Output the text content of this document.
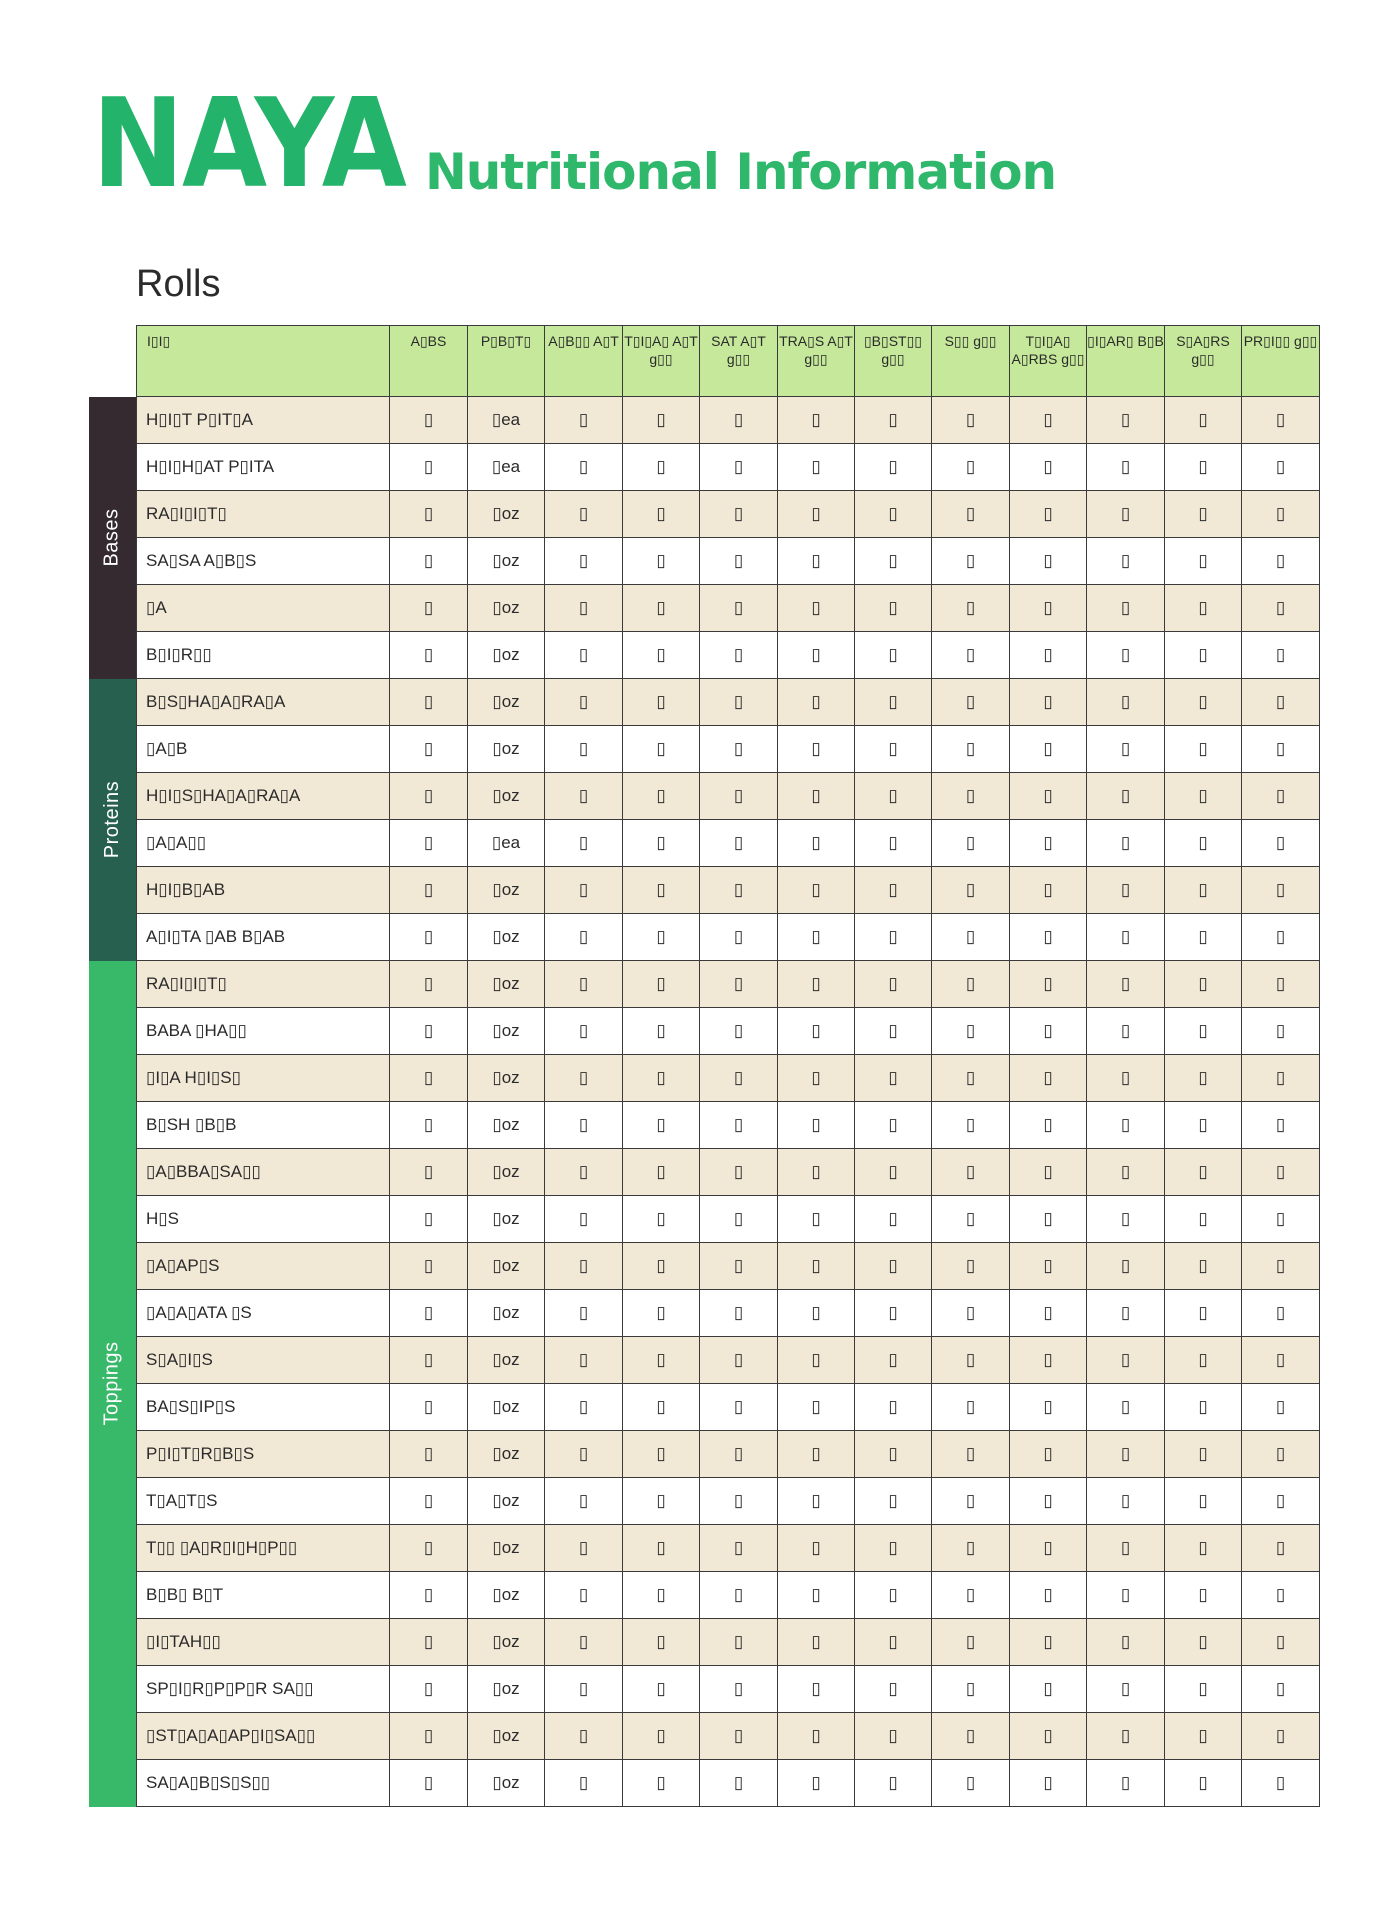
NAYA Nutritional Information
Rolls
Bases
Proteins
Toppings
I▯I▯	A▯BS	P▯B▯T▯	A▯B▯▯ A▯T	T▯I▯A▯ A▯T g▯▯	SAT A▯T g▯▯	TRA▯S A▯T g▯▯	▯B▯ST▯▯ g▯▯	S▯▯ g▯▯	T▯I▯A▯ A▯RBS g▯▯	▯I▯AR▯ B▯B	S▯A▯RS g▯▯	PR▯I▯▯ g▯▯
H▯I▯T P▯IT▯A	▯	▯ea	▯	▯	▯	▯	▯	▯	▯	▯	▯	▯
H▯I▯H▯AT P▯ITA	▯	▯ea	▯	▯	▯	▯	▯	▯	▯	▯	▯	▯
RA▯I▯I▯T▯	▯	▯oz	▯	▯	▯	▯	▯	▯	▯	▯	▯	▯
SA▯SA A▯B▯S	▯	▯oz	▯	▯	▯	▯	▯	▯	▯	▯	▯	▯
▯A	▯	▯oz	▯	▯	▯	▯	▯	▯	▯	▯	▯	▯
B▯I▯R▯▯	▯	▯oz	▯	▯	▯	▯	▯	▯	▯	▯	▯	▯
B▯S▯HA▯A▯RA▯A	▯	▯oz	▯	▯	▯	▯	▯	▯	▯	▯	▯	▯
▯A▯B	▯	▯oz	▯	▯	▯	▯	▯	▯	▯	▯	▯	▯
H▯I▯S▯HA▯A▯RA▯A	▯	▯oz	▯	▯	▯	▯	▯	▯	▯	▯	▯	▯
▯A▯A▯▯	▯	▯ea	▯	▯	▯	▯	▯	▯	▯	▯	▯	▯
H▯I▯B▯AB	▯	▯oz	▯	▯	▯	▯	▯	▯	▯	▯	▯	▯
A▯I▯TA ▯AB B▯AB	▯	▯oz	▯	▯	▯	▯	▯	▯	▯	▯	▯	▯
RA▯I▯I▯T▯	▯	▯oz	▯	▯	▯	▯	▯	▯	▯	▯	▯	▯
BABA ▯HA▯▯	▯	▯oz	▯	▯	▯	▯	▯	▯	▯	▯	▯	▯
▯I▯A H▯I▯S▯	▯	▯oz	▯	▯	▯	▯	▯	▯	▯	▯	▯	▯
B▯SH ▯B▯B	▯	▯oz	▯	▯	▯	▯	▯	▯	▯	▯	▯	▯
▯A▯BBA▯SA▯▯	▯	▯oz	▯	▯	▯	▯	▯	▯	▯	▯	▯	▯
H▯S	▯	▯oz	▯	▯	▯	▯	▯	▯	▯	▯	▯	▯
▯A▯AP▯S	▯	▯oz	▯	▯	▯	▯	▯	▯	▯	▯	▯	▯
▯A▯A▯ATA ▯S	▯	▯oz	▯	▯	▯	▯	▯	▯	▯	▯	▯	▯
S▯A▯I▯S	▯	▯oz	▯	▯	▯	▯	▯	▯	▯	▯	▯	▯
BA▯S▯IP▯S	▯	▯oz	▯	▯	▯	▯	▯	▯	▯	▯	▯	▯
P▯I▯T▯R▯B▯S	▯	▯oz	▯	▯	▯	▯	▯	▯	▯	▯	▯	▯
T▯A▯T▯S	▯	▯oz	▯	▯	▯	▯	▯	▯	▯	▯	▯	▯
T▯▯ ▯A▯R▯I▯H▯P▯▯	▯	▯oz	▯	▯	▯	▯	▯	▯	▯	▯	▯	▯
B▯B▯ B▯T	▯	▯oz	▯	▯	▯	▯	▯	▯	▯	▯	▯	▯
▯I▯TAH▯▯	▯	▯oz	▯	▯	▯	▯	▯	▯	▯	▯	▯	▯
SP▯I▯R▯P▯P▯R SA▯▯	▯	▯oz	▯	▯	▯	▯	▯	▯	▯	▯	▯	▯
▯ST▯A▯A▯AP▯I▯SA▯▯	▯	▯oz	▯	▯	▯	▯	▯	▯	▯	▯	▯	▯
SA▯A▯B▯S▯S▯▯	▯	▯oz	▯	▯	▯	▯	▯	▯	▯	▯	▯	▯
